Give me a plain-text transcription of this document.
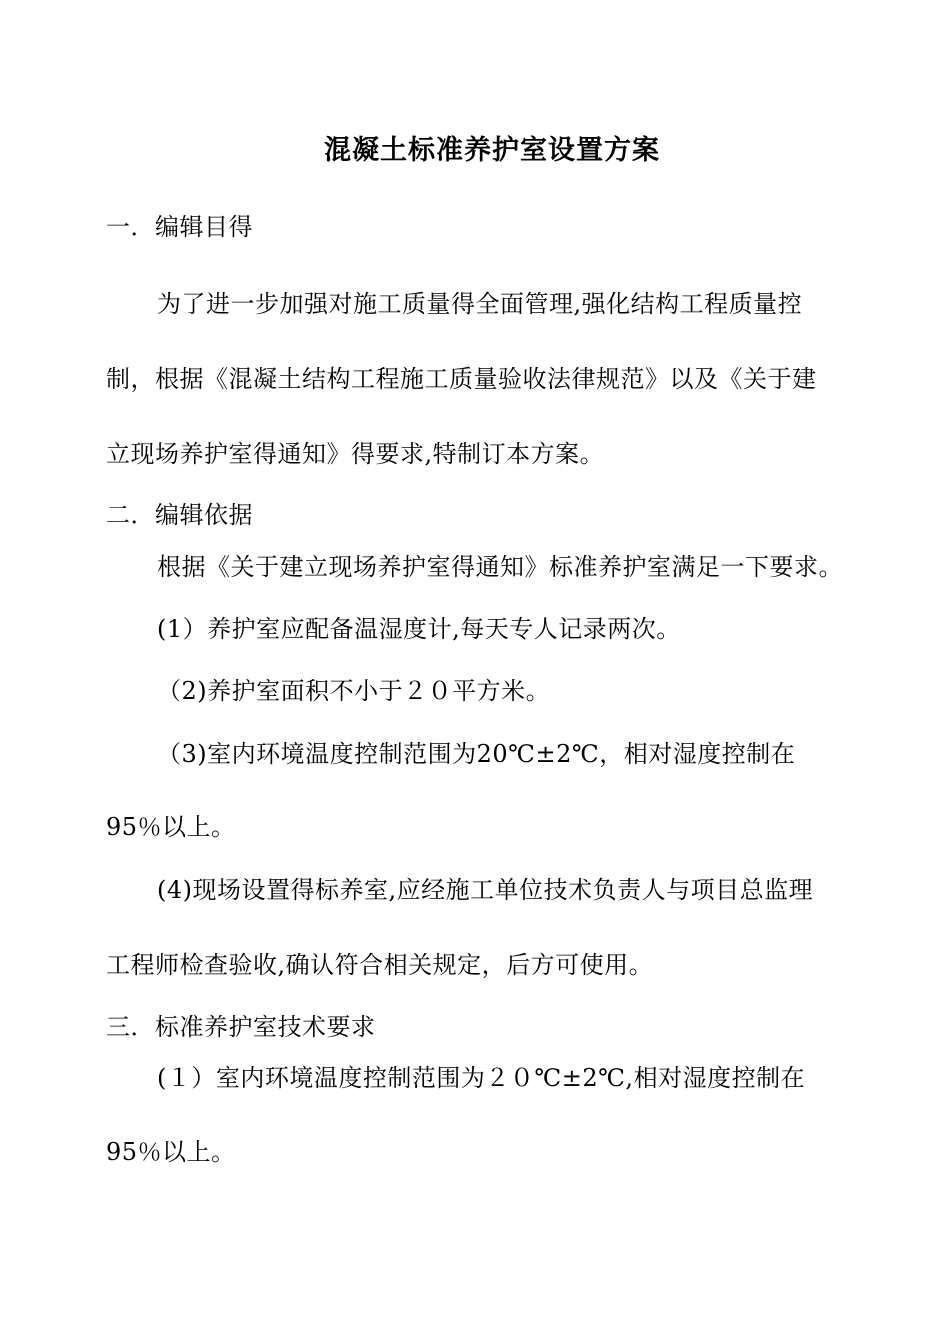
混凝土标准养护室设置方案
一．编辑目得
为了进一步加强对施工质量得全面管理,强化结构工程质量控
制，根据《混凝土结构工程施工质量验收法律规范》以及《关于建
立现场养护室得通知》得要求,特制订本方案。
二．编辑依据
根据《关于建立现场养护室得通知》标准养护室满足一下要求。
(1）养护室应配备温湿度计,每天专人记录两次。
（2)养护室面积不小于２０平方米。
（3)室内环境温度控制范围为20℃±2℃，相对湿度控制在
95％以上。
(4)现场设置得标养室,应经施工单位技术负责人与项目总监理
工程师检查验收,确认符合相关规定，后方可使用。
三．标准养护室技术要求
(１）室内环境温度控制范围为２０℃±2℃,相对湿度控制在
95％以上。
